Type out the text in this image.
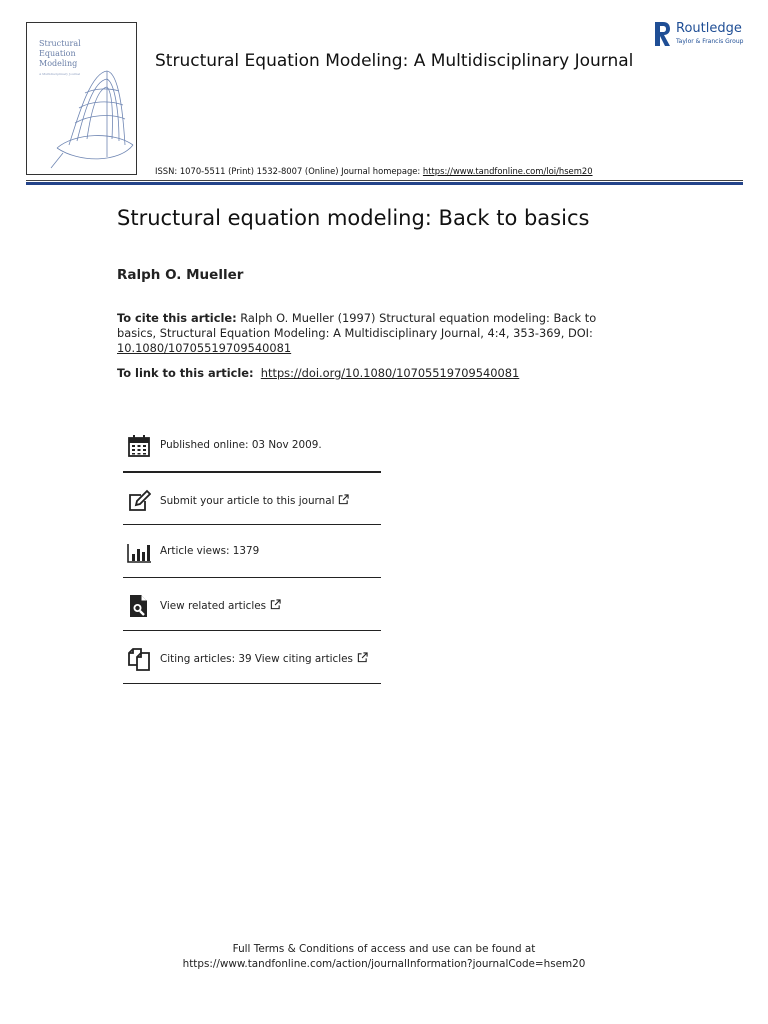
Structural
Equation
Modeling
A Multidisciplinary Journal
Structural Equation Modeling: A Multidisciplinary Journal
ISSN: 1070-5511 (Print) 1532-8007 (Online) Journal homepage: https://www.tandfonline.com/loi/hsem20
Routledge
Taylor & Francis Group
Structural equation modeling: Back to basics
Ralph O. Mueller
To cite this article: Ralph O. Mueller (1997) Structural equation modeling: Back to
basics, Structural Equation Modeling: A Multidisciplinary Journal, 4:4, 353-369, DOI:
10.1080/10705519709540081
To link to this article: https://doi.org/10.1080/10705519709540081
Published online: 03 Nov 2009.
Submit your article to this journal
Article views: 1379
View related articles
Citing articles: 39 View citing articles
Full Terms & Conditions of access and use can be found at
https://www.tandfonline.com/action/journalInformation?journalCode=hsem20
